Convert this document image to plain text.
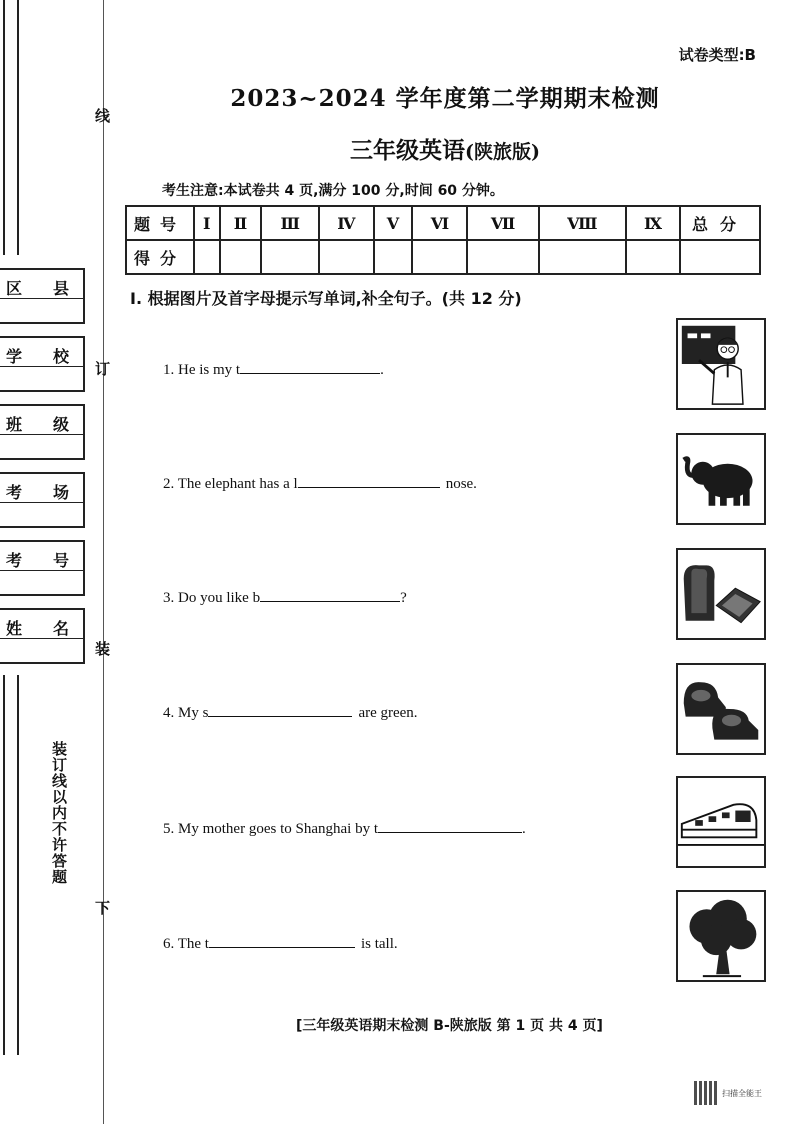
线
订
装
下
区 县
学 校
班 级
考 场
考 号
姓 名
装订线以内不许答题
试卷类型:B
2023~2024 学年度第二学期期末检测
三年级英语(陕旅版)
考生注意:本试卷共 4 页,满分 100 分,时间 60 分钟。
题号	Ⅰ	Ⅱ	Ⅲ	Ⅳ	Ⅴ	Ⅵ	Ⅶ	Ⅷ	Ⅸ	总分
得分										
Ⅰ. 根据图片及首字母提示写单词,补全句子。(共 12 分)
1. He is my t	.
2. The elephant has a l	nose.
3. Do you like b	?
4. My s	are green.
5. My mother goes to Shanghai by t	.
6. The t	is tall.
[三年级英语期末检测 B-陕旅版 第 1 页 共 4 页]
扫描全能王
